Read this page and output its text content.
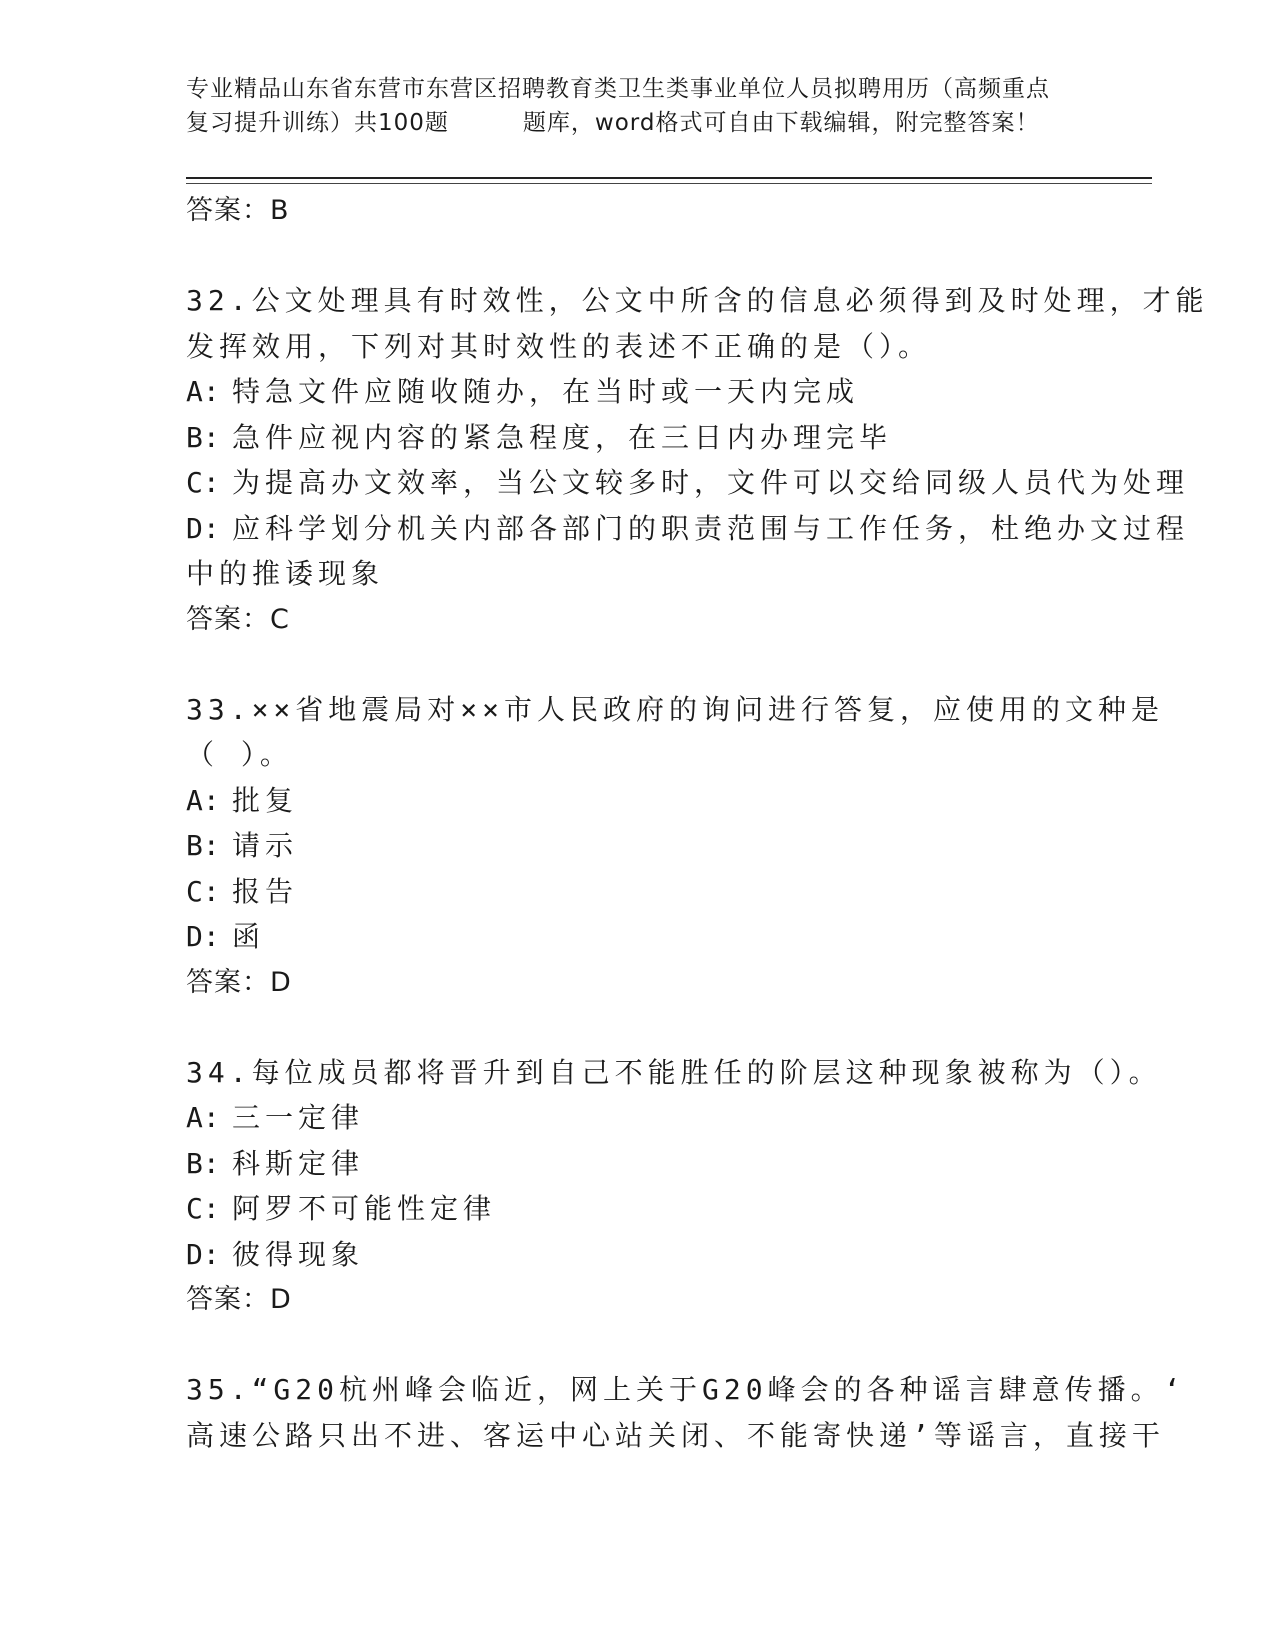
专业精品山东省东营市东营区招聘教育类卫生类事业单位人员拟聘用历（高频重点
复习提升训练）共100题	题库，word格式可自由下载编辑，附完整答案！
答案：B
32.公文处理具有时效性，公文中所含的信息必须得到及时处理，才能
发挥效用，下列对其时效性的表述不正确的是（）。
A: 特急文件应随收随办，在当时或一天内完成
B: 急件应视内容的紧急程度，在三日内办理完毕
C: 为提高办文效率，当公文较多时，文件可以交给同级人员代为处理
D: 应科学划分机关内部各部门的职责范围与工作任务，杜绝办文过程
中的推诿现象
答案：C
33.××省地震局对××市人民政府的询问进行答复，应使用的文种是
（ ）。
A: 批复
B: 请示
C: 报告
D: 函
答案：D
34.每位成员都将晋升到自己不能胜任的阶层这种现象被称为（）。
A: 三一定律
B: 科斯定律
C: 阿罗不可能性定律
D: 彼得现象
答案：D
35.“G20杭州峰会临近，网上关于G20峰会的各种谣言肆意传播。‘
高速公路只出不进、客运中心站关闭、不能寄快递’等谣言，直接干
